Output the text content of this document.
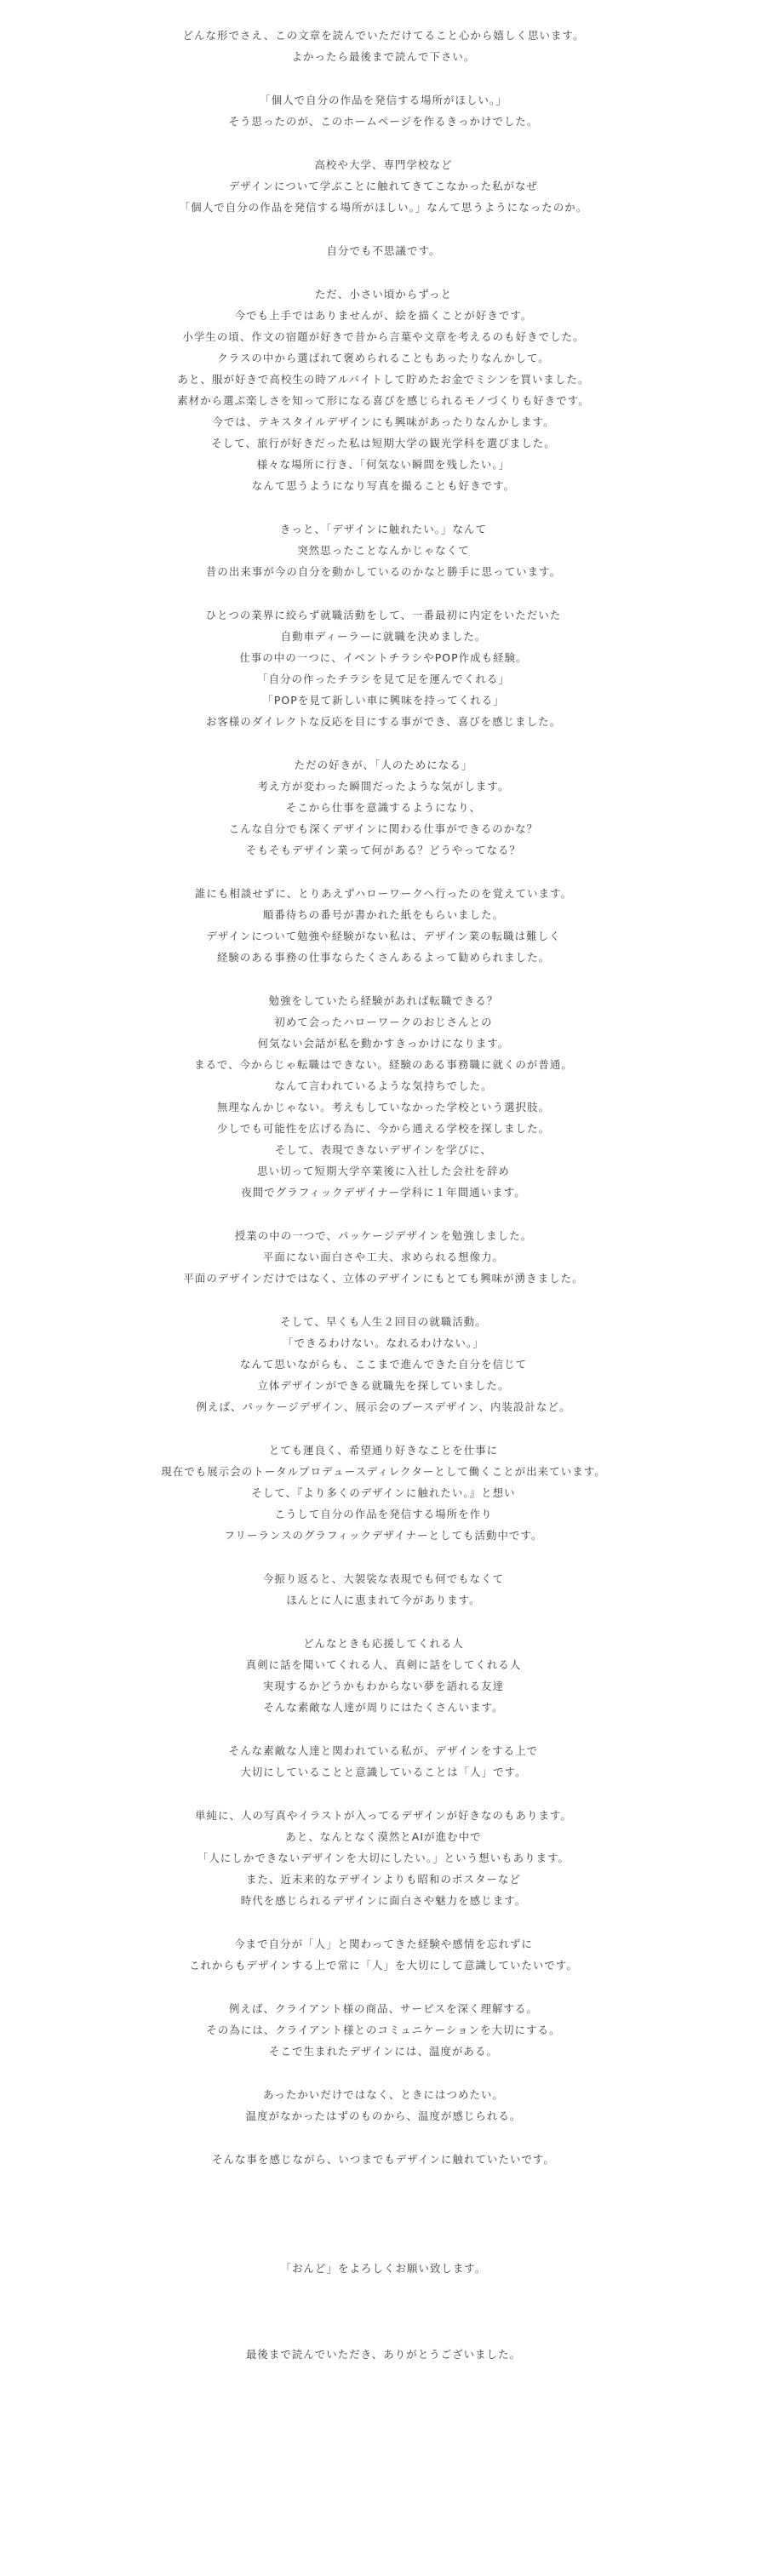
どんな形でさえ、この文章を読んでいただけてること心から嬉しく思います。
よかったら最後まで読んで下さい。

「個人で自分の作品を発信する場所がほしい。」
そう思ったのが、このホームページを作るきっかけでした。

高校や大学、専門学校など
デザインについて学ぶことに触れてきてこなかった私がなぜ
「個人で自分の作品を発信する場所がほしい。」なんて思うようになったのか。

自分でも不思議です。

ただ、小さい頃からずっと
今でも上手ではありませんが、絵を描くことが好きです。
小学生の頃、作文の宿題が好きで昔から言葉や文章を考えるのも好きでした。
クラスの中から選ばれて褒められることもあったりなんかして。
あと、服が好きで高校生の時アルバイトして貯めたお金でミシンを買いました。
素材から選ぶ楽しさを知って形になる喜びを感じられるモノづくりも好きです。
今では、テキスタイルデザインにも興味があったりなんかします。
そして、旅行が好きだった私は短期大学の観光学科を選びました。
様々な場所に行き、「何気ない瞬間を残したい。」
なんて思うようになり写真を撮ることも好きです。

きっと、「デザインに触れたい。」なんて
突然思ったことなんかじゃなくて
昔の出来事が今の自分を動かしているのかなと勝手に思っています。

ひとつの業界に絞らず就職活動をして、一番最初に内定をいただいた
自動車ディーラーに就職を決めました。
仕事の中の一つに、イベントチラシやPOP作成も経験。
「自分の作ったチラシを見て足を運んでくれる」
「POPを見て新しい車に興味を持ってくれる」
お客様のダイレクトな反応を目にする事ができ、喜びを感じました。

ただの好きが、「人のためになる」
考え方が変わった瞬間だったような気がします。
そこから仕事を意識するようになり、
こんな自分でも深くデザインに関わる仕事ができるのかな？
そもそもデザイン業って何がある？どうやってなる？

誰にも相談せずに、とりあえずハローワークへ行ったのを覚えています。
順番待ちの番号が書かれた紙をもらいました。
デザインについて勉強や経験がない私は、デザイン業の転職は難しく
経験のある事務の仕事ならたくさんあるよって勧められました。

勉強をしていたら経験があれば転職できる？
初めて会ったハローワークのおじさんとの
何気ない会話が私を動かすきっかけになります。
まるで、今からじゃ転職はできない。経験のある事務職に就くのが普通。
なんて言われているような気持ちでした。
無理なんかじゃない。考えもしていなかった学校という選択肢。
少しでも可能性を広げる為に、今から通える学校を探しました。
そして、表現できないデザインを学びに、
思い切って短期大学卒業後に入社した会社を辞め
夜間でグラフィックデザイナー学科に１年間通います。

授業の中の一つで、パッケージデザインを勉強しました。
平面にない面白さや工夫、求められる想像力。
平面のデザインだけではなく、立体のデザインにもとても興味が湧きました。

そして、早くも人生２回目の就職活動。
「できるわけない。なれるわけない。」
なんて思いながらも、ここまで進んできた自分を信じて
立体デザインができる就職先を探していました。
例えば、パッケージデザイン、展示会のブースデザイン、内装設計など。

とても運良く、希望通り好きなことを仕事に
現在でも展示会のトータルプロデュースディレクターとして働くことが出来ています。
そして、『より多くのデザインに触れたい。』と想い
こうして自分の作品を発信する場所を作り
フリーランスのグラフィックデザイナーとしても活動中です。

今振り返ると、大袈裟な表現でも何でもなくて
ほんとに人に恵まれて今があります。

どんなときも応援してくれる人
真剣に話を聞いてくれる人、真剣に話をしてくれる人
実現するかどうかもわからない夢を語れる友達
そんな素敵な人達が周りにはたくさんいます。

そんな素敵な人達と関われている私が、デザインをする上で
大切にしていることと意識していることは「人」です。

単純に、人の写真やイラストが入ってるデザインが好きなのもあります。
あと、なんとなく漠然とAIが進む中で
「人にしかできないデザインを大切にしたい。」という想いもあります。
また、近未来的なデザインよりも昭和のポスターなど
時代を感じられるデザインに面白さや魅力を感じます。

今まで自分が「人」と関わってきた経験や感情を忘れずに
これからもデザインする上で常に「人」を大切にして意識していたいです。

例えば、クライアント様の商品、サービスを深く理解する。
その為には、クライアント様とのコミュニケーションを大切にする。
そこで生まれたデザインには、温度がある。

あったかいだけではなく、ときにはつめたい。
温度がなかったはずのものから、温度が感じられる。

そんな事を感じながら、いつまでもデザインに触れていたいです。

「おんど」をよろしくお願い致します。

最後まで読んでいただき、ありがとうございました。
